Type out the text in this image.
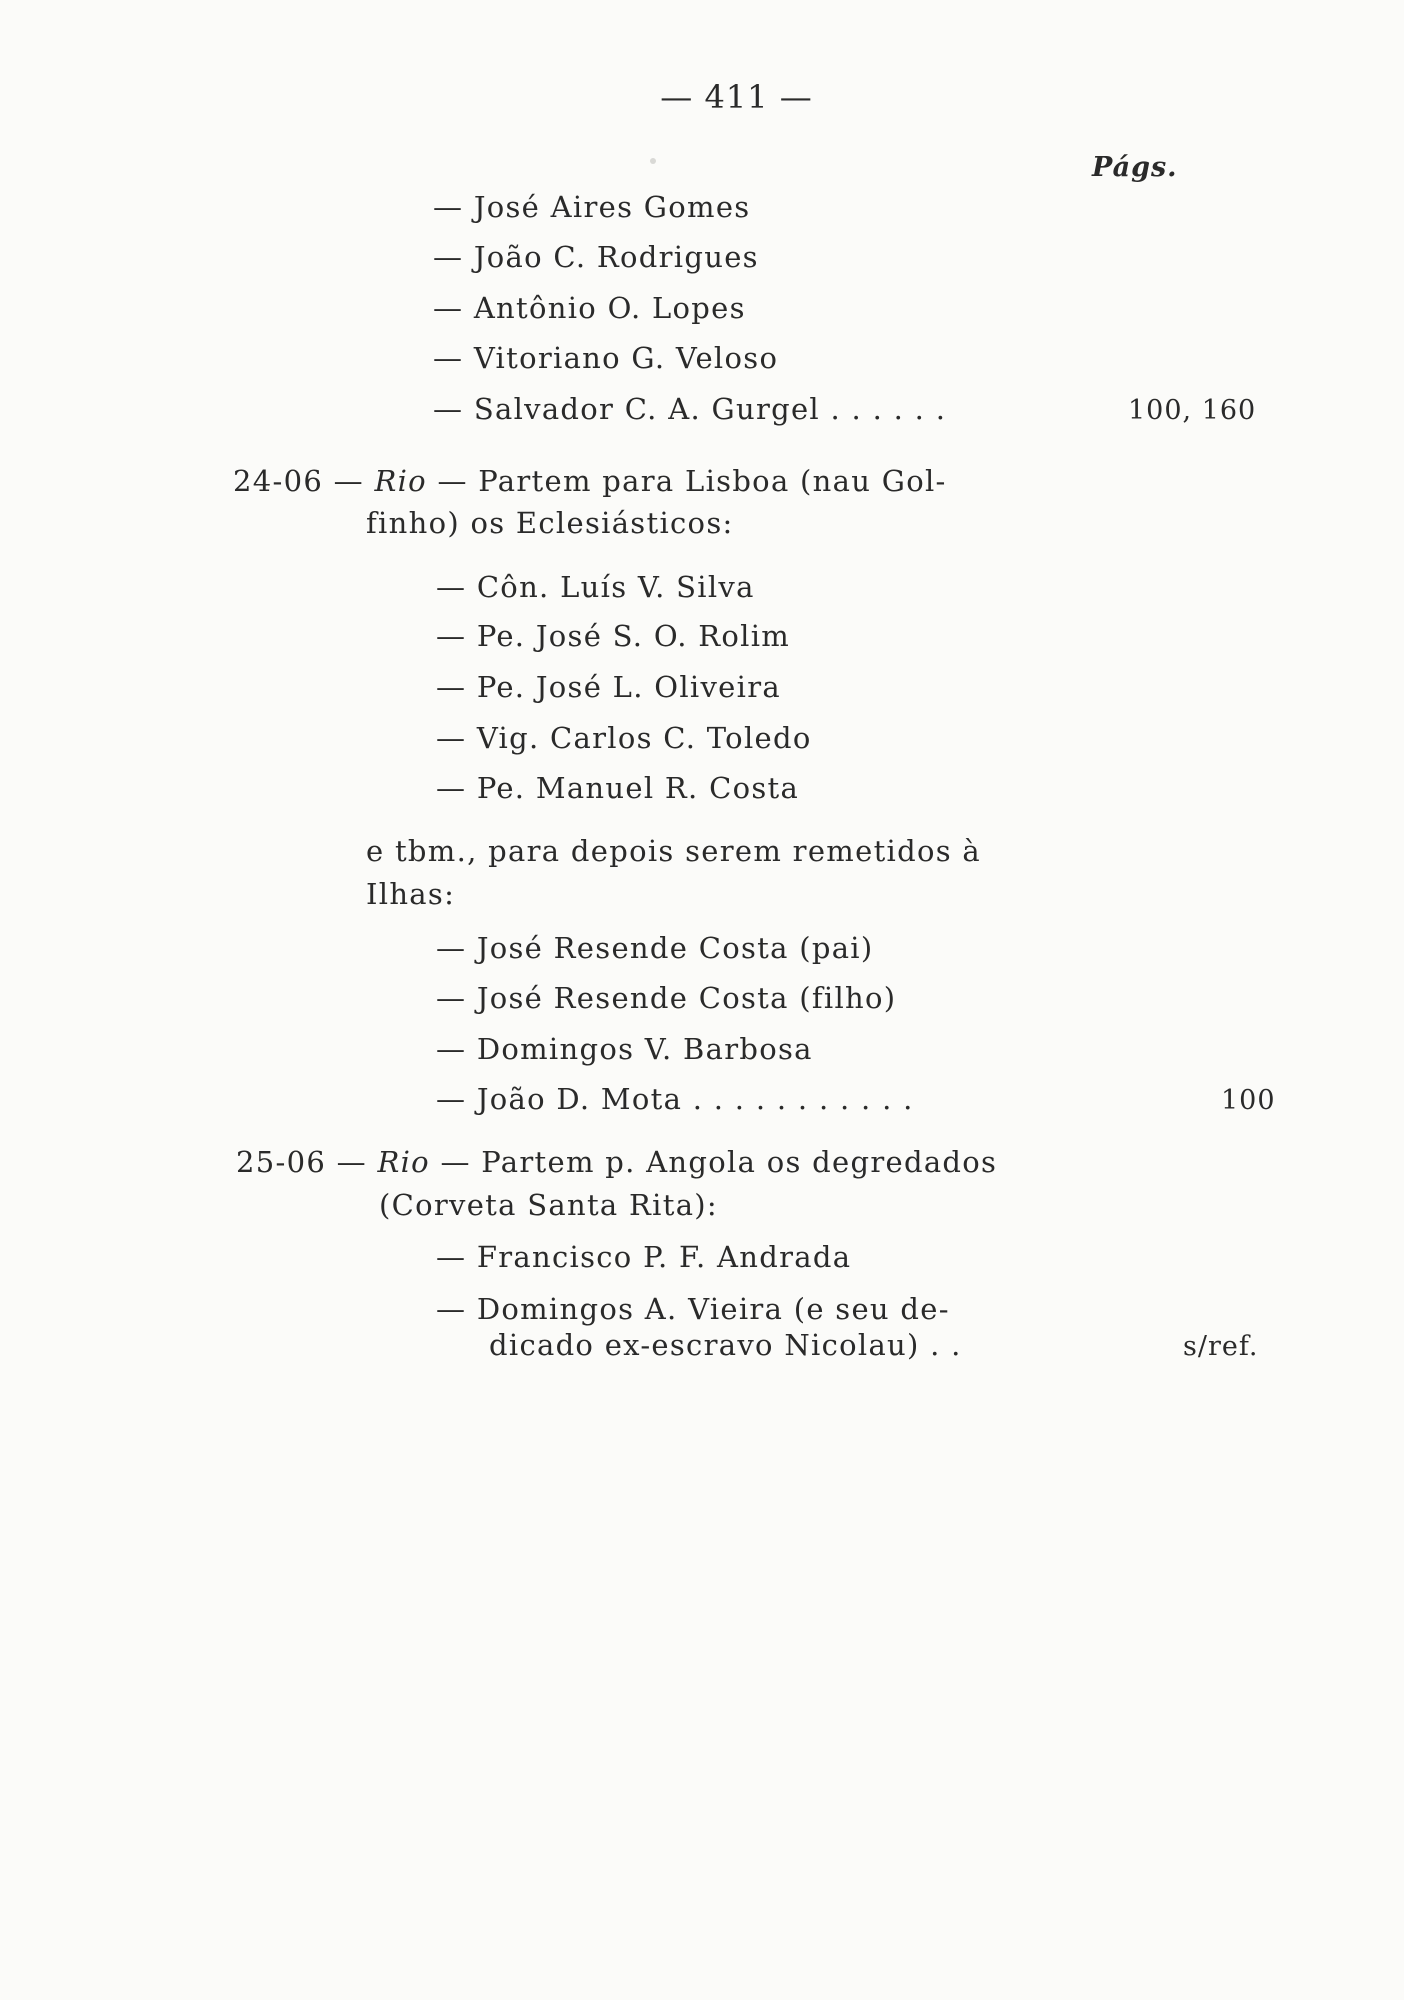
— 411 —
Págs.
— José Aires Gomes
— João C. Rodrigues
— Antônio O. Lopes
— Vitoriano G. Veloso
— Salvador C. A. Gurgel . . . . . .	100, 160
24-06 — Rio — Partem para Lisboa (nau Gol-
finho) os Eclesiásticos:
— Côn. Luís V. Silva
— Pe. José S. O. Rolim
— Pe. José L. Oliveira
— Vig. Carlos C. Toledo
— Pe. Manuel R. Costa
e tbm., para depois serem remetidos à
Ilhas:
— José Resende Costa (pai)
— José Resende Costa (filho)
— Domingos V. Barbosa
— João D. Mota . . . . . . . . . . .	100
25-06 — Rio — Partem p. Angola os degredados
(Corveta Santa Rita):
— Francisco P. F. Andrada
— Domingos A. Vieira (e seu de-
dicado ex-escravo Nicolau) . .	s/ref.
